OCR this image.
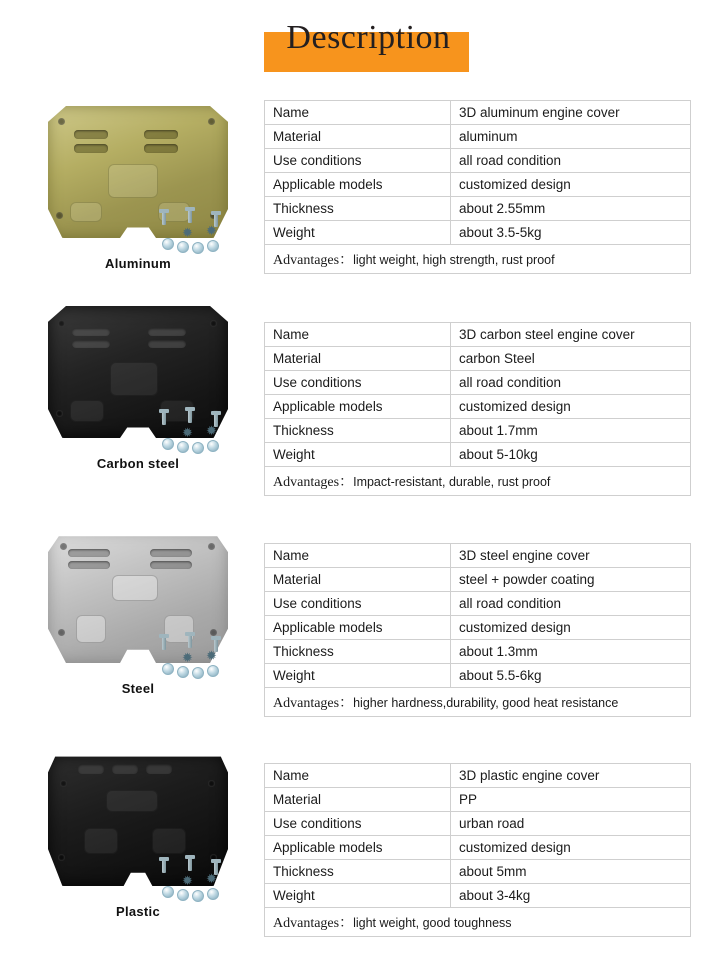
Description
✹ ✹
Aluminum
Name	3D aluminum engine cover
Material	aluminum
Use conditions	all road condition
Applicable models	customized design
Thickness	about 2.55mm
Weight	about 3.5-5kg
Advantages：light weight, high strength, rust proof	
✹ ✹
Carbon steel
Name	3D carbon steel engine cover
Material	carbon Steel
Use conditions	all road condition
Applicable models	customized design
Thickness	about 1.7mm
Weight	about 5-10kg
Advantages：Impact-resistant, durable, rust proof	
✹ ✹
Steel
Name	3D steel engine cover
Material	steel + powder coating
Use conditions	all road condition
Applicable models	customized design
Thickness	about 1.3mm
Weight	about 5.5-6kg
Advantages：higher hardness,durability, good heat resistance	
✹ ✹
Plastic
Name	3D plastic engine cover
Material	PP
Use conditions	urban road
Applicable models	customized design
Thickness	about 5mm
Weight	about 3-4kg
Advantages：light weight, good toughness	
